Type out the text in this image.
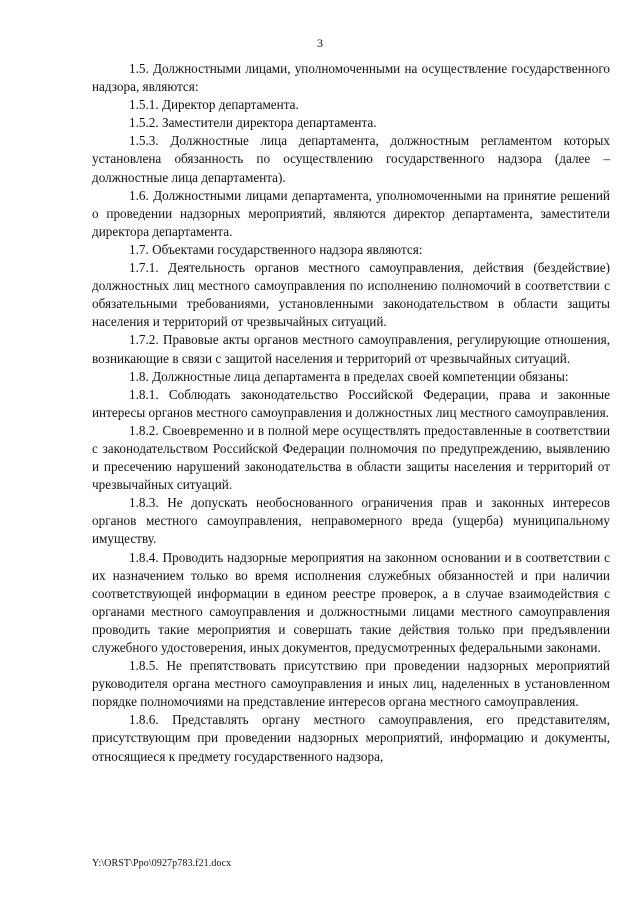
3

1.5. Должностными лицами, уполномоченными на осуществление государственного надзора, являются:

1.5.1. Директор департамента.

1.5.2. Заместители директора департамента.

1.5.3. Должностные лица департамента, должностным регламентом которых установлена обязанность по осуществлению государственного надзора (далее – должностные лица департамента).

1.6. Должностными лицами департамента, уполномоченными на принятие решений о проведении надзорных мероприятий, являются директор департамента, заместители директора департамента.

1.7. Объектами государственного надзора являются:

1.7.1. Деятельность органов местного самоуправления, действия (бездействие) должностных лиц местного самоуправления по исполнению полномочий в соответствии с обязательными требованиями, установленными законодательством в области защиты населения и территорий от чрезвычайных ситуаций.

1.7.2. Правовые акты органов местного самоуправления, регулирующие отношения, возникающие в связи с защитой населения и территорий от чрезвычайных ситуаций.

1.8. Должностные лица департамента в пределах своей компетенции обязаны:

1.8.1. Соблюдать законодательство Российской Федерации, права и законные интересы органов местного самоуправления и должностных лиц местного самоуправления.

1.8.2. Своевременно и в полной мере осуществлять предоставленные в соответствии с законодательством Российской Федерации полномочия по предупреждению, выявлению и пресечению нарушений законодательства в области защиты населения и территорий от чрезвычайных ситуаций.

1.8.3. Не допускать необоснованного ограничения прав и законных интересов органов местного самоуправления, неправомерного вреда (ущерба) муниципальному имуществу.

1.8.4. Проводить надзорные мероприятия на законном основании и в соответствии с их назначением только во время исполнения служебных обязанностей и при наличии соответствующей информации в едином реестре проверок, а в случае взаимодействия с органами местного самоуправления и должностными лицами местного самоуправления проводить такие мероприятия и совершать такие действия только при предъявлении служебного удостоверения, иных документов, предусмотренных федеральными законами.

1.8.5. Не препятствовать присутствию при проведении надзорных мероприятий руководителя органа местного самоуправления и иных лиц, наделенных в установленном порядке полномочиями на представление интересов органа местного самоуправления.

1.8.6. Представлять органу местного самоуправления, его представителям, присутствующим при проведении надзорных мероприятий, информацию и документы, относящиеся к предмету государственного надзора,

Y:\ORST\Ppo\0927p783.f21.docx
